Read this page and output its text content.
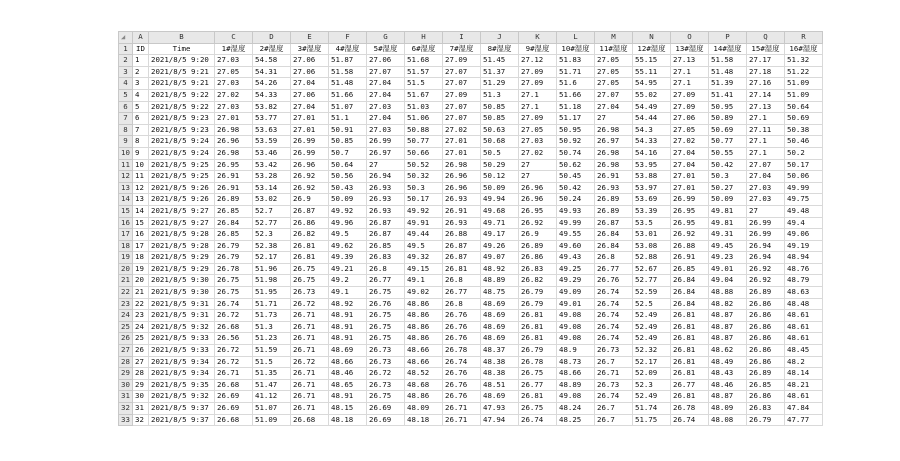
◢	A	B	C	D	E	F	G	H	I	J	K	L	M	N	O	P	Q	R
1	ID	Time	1#湿度	2#湿度	3#湿度	4#湿度	5#湿度	6#湿度	7#湿度	8#湿度	9#湿度	10#湿度	11#湿度	12#湿度	13#湿度	14#湿度	15#湿度	16#湿度
2	1	2021/8/5 9:20	27.03	54.58	27.06	51.87	27.06	51.68	27.09	51.45	27.12	51.83	27.05	55.15	27.13	51.58	27.17	51.32
3	2	2021/8/5 9:21	27.05	54.31	27.06	51.58	27.07	51.57	27.07	51.37	27.09	51.71	27.05	55.11	27.1	51.48	27.18	51.22
4	3	2021/8/5 9:21	27.03	54.26	27.04	51.48	27.04	51.5	27.07	51.29	27.09	51.6	27.05	54.95	27.1	51.39	27.16	51.09
5	4	2021/8/5 9:22	27.02	54.33	27.06	51.66	27.04	51.67	27.09	51.3	27.1	51.66	27.07	55.02	27.09	51.41	27.14	51.09
6	5	2021/8/5 9:22	27.03	53.82	27.04	51.07	27.03	51.03	27.07	50.85	27.1	51.18	27.04	54.49	27.09	50.95	27.13	50.64
7	6	2021/8/5 9:23	27.01	53.77	27.01	51.1	27.04	51.06	27.07	50.85	27.09	51.17	27	54.44	27.06	50.89	27.1	50.69
8	7	2021/8/5 9:23	26.98	53.63	27.01	50.91	27.03	50.88	27.02	50.63	27.05	50.95	26.98	54.3	27.05	50.69	27.11	50.38
9	8	2021/8/5 9:24	26.96	53.59	26.99	50.85	26.99	50.77	27.01	50.68	27.03	50.92	26.97	54.33	27.02	50.77	27.1	50.46
10	9	2021/8/5 9:24	26.98	53.46	26.99	50.7	26.97	50.66	27.01	50.5	27.02	50.74	26.98	54.16	27.04	50.55	27.1	50.2
11	10	2021/8/5 9:25	26.95	53.42	26.96	50.64	27	50.52	26.98	50.29	27	50.62	26.98	53.95	27.04	50.42	27.07	50.17
12	11	2021/8/5 9:25	26.91	53.28	26.92	50.56	26.94	50.32	26.96	50.12	27	50.45	26.91	53.88	27.01	50.3	27.04	50.06
13	12	2021/8/5 9:26	26.91	53.14	26.92	50.43	26.93	50.3	26.96	50.09	26.96	50.42	26.93	53.97	27.01	50.27	27.03	49.99
14	13	2021/8/5 9:26	26.89	53.02	26.9	50.09	26.93	50.17	26.93	49.94	26.96	50.24	26.89	53.69	26.99	50.09	27.03	49.75
15	14	2021/8/5 9:27	26.85	52.7	26.87	49.92	26.93	49.92	26.91	49.68	26.95	49.93	26.89	53.39	26.95	49.81	27	49.48
16	15	2021/8/5 9:27	26.84	52.77	26.86	49.96	26.87	49.91	26.93	49.71	26.92	49.99	26.87	53.5	26.95	49.81	26.99	49.4
17	16	2021/8/5 9:28	26.85	52.3	26.82	49.5	26.87	49.44	26.88	49.17	26.9	49.55	26.84	53.01	26.92	49.31	26.99	49.06
18	17	2021/8/5 9:28	26.79	52.38	26.81	49.62	26.85	49.5	26.87	49.26	26.89	49.60	26.84	53.08	26.88	49.45	26.94	49.19
19	18	2021/8/5 9:29	26.79	52.17	26.81	49.39	26.83	49.32	26.87	49.07	26.86	49.43	26.8	52.88	26.91	49.23	26.94	48.94
20	19	2021/8/5 9:29	26.78	51.96	26.75	49.21	26.8	49.15	26.81	48.92	26.83	49.25	26.77	52.67	26.85	49.01	26.92	48.76
21	20	2021/8/5 9:30	26.75	51.98	26.75	49.2	26.77	49.1	26.8	48.89	26.82	49.29	26.76	52.77	26.84	49.04	26.92	48.79
22	21	2021/8/5 9:30	26.75	51.95	26.73	49.1	26.75	49.02	26.77	48.75	26.79	49.09	26.74	52.59	26.84	48.88	26.89	48.63
23	22	2021/8/5 9:31	26.74	51.71	26.72	48.92	26.76	48.86	26.8	48.69	26.79	49.01	26.74	52.5	26.84	48.82	26.86	48.48
24	23	2021/8/5 9:31	26.72	51.73	26.71	48.91	26.75	48.86	26.76	48.69	26.81	49.08	26.74	52.49	26.81	48.87	26.86	48.61
25	24	2021/8/5 9:32	26.68	51.3	26.71	48.91	26.75	48.86	26.76	48.69	26.81	49.08	26.74	52.49	26.81	48.87	26.86	48.61
26	25	2021/8/5 9:33	26.56	51.23	26.71	48.91	26.75	48.86	26.76	48.69	26.81	49.08	26.74	52.49	26.81	48.87	26.86	48.61
27	26	2021/8/5 9:33	26.72	51.59	26.71	48.69	26.73	48.66	26.78	48.37	26.79	48.9	26.73	52.32	26.81	48.62	26.86	48.45
28	27	2021/8/5 9:34	26.72	51.5	26.72	48.66	26.73	48.66	26.74	48.38	26.78	48.73	26.7	52.17	26.81	48.49	26.86	48.2
29	28	2021/8/5 9:34	26.71	51.35	26.71	48.46	26.72	48.52	26.76	48.38	26.75	48.66	26.71	52.09	26.81	48.43	26.89	48.14
30	29	2021/8/5 9:35	26.68	51.47	26.71	48.65	26.73	48.68	26.76	48.51	26.77	48.89	26.73	52.3	26.77	48.46	26.85	48.21
31	30	2021/8/5 9:32	26.69	41.12	26.71	48.91	26.75	48.86	26.76	48.69	26.81	49.08	26.74	52.49	26.81	48.87	26.86	48.61
32	31	2021/8/5 9:37	26.69	51.07	26.71	48.15	26.69	48.09	26.71	47.93	26.75	48.24	26.7	51.74	26.78	48.09	26.83	47.84
33	32	2021/8/5 9:37	26.68	51.09	26.68	48.18	26.69	48.18	26.71	47.94	26.74	48.25	26.7	51.75	26.74	48.08	26.79	47.77
